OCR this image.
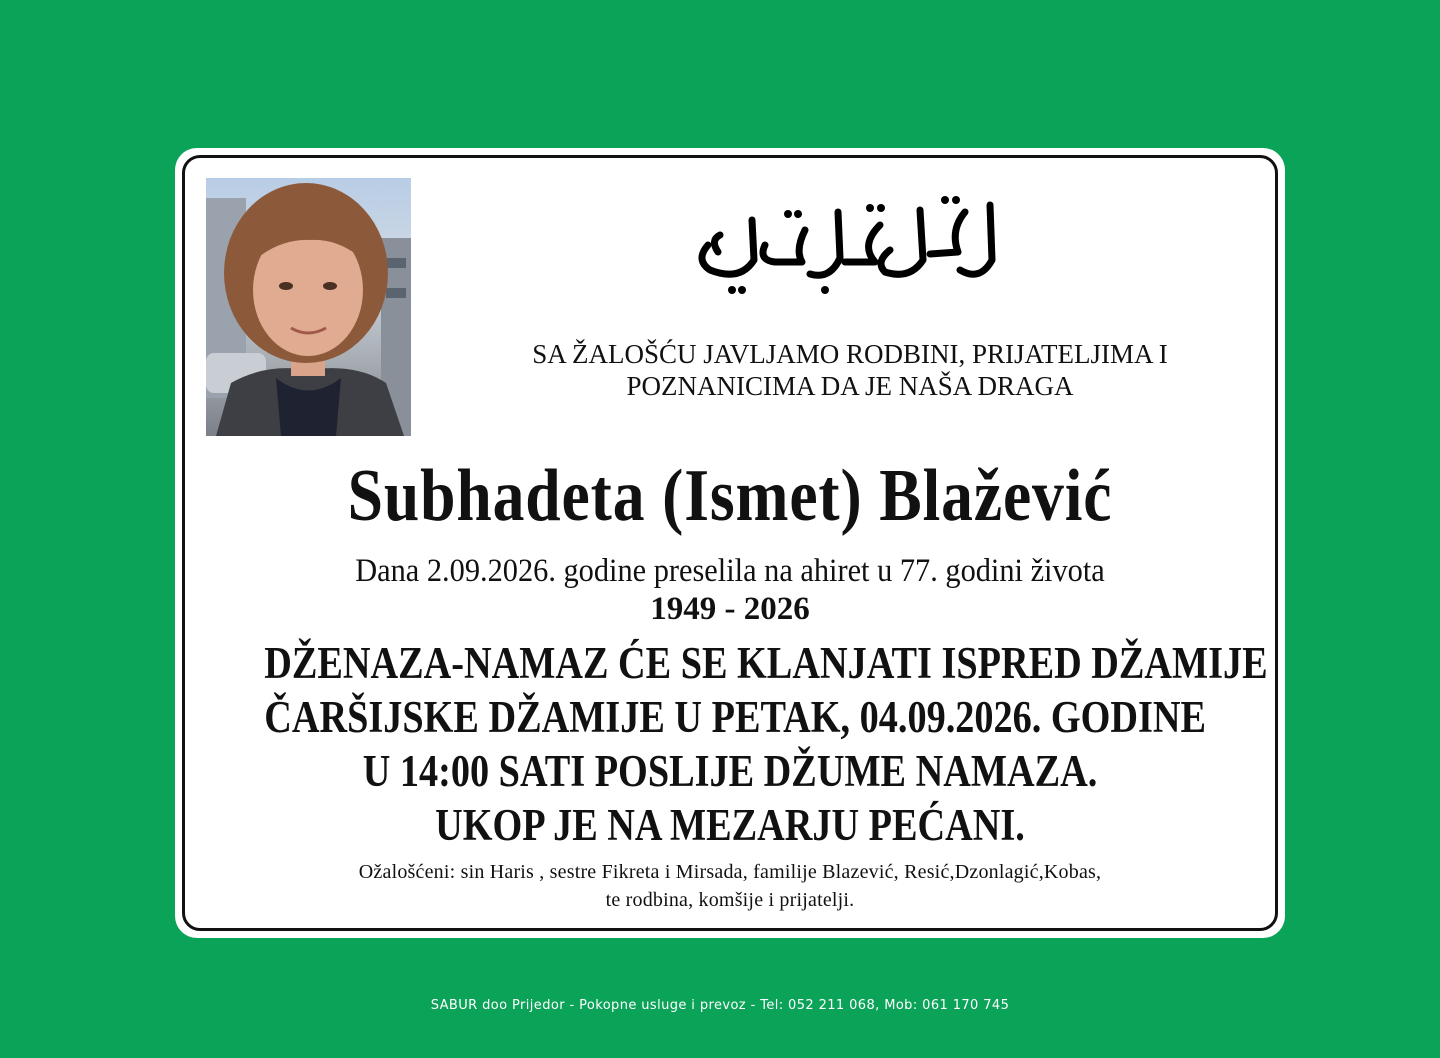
SA ŽALOŠĆU JAVLJAMO RODBINI, PRIJATELJIMA I
POZNANICIMA DA JE NAŠA DRAGA
Subhadeta (Ismet) Blažević
Dana 2.09.2026. godine preselila na ahiret u 77. godini života
1949 - 2026
DŽENAZA-NAMAZ ĆE SE KLANJATI ISPRED DŽAMIJE
ČARŠIJSKE DŽAMIJE U PETAK, 04.09.2026. GODINE
U 14:00 SATI POSLIJE DŽUME NAMAZA.
UKOP JE NA MEZARJU PEĆANI.
Ožalošćeni: sin Haris , sestre Fikreta i Mirsada, familije Blazević, Resić,Dzonlagić,Kobas,
te rodbina, komšije i prijatelji.
SABUR doo Prijedor - Pokopne usluge i prevoz - Tel: 052 211 068, Mob: 061 170 745
